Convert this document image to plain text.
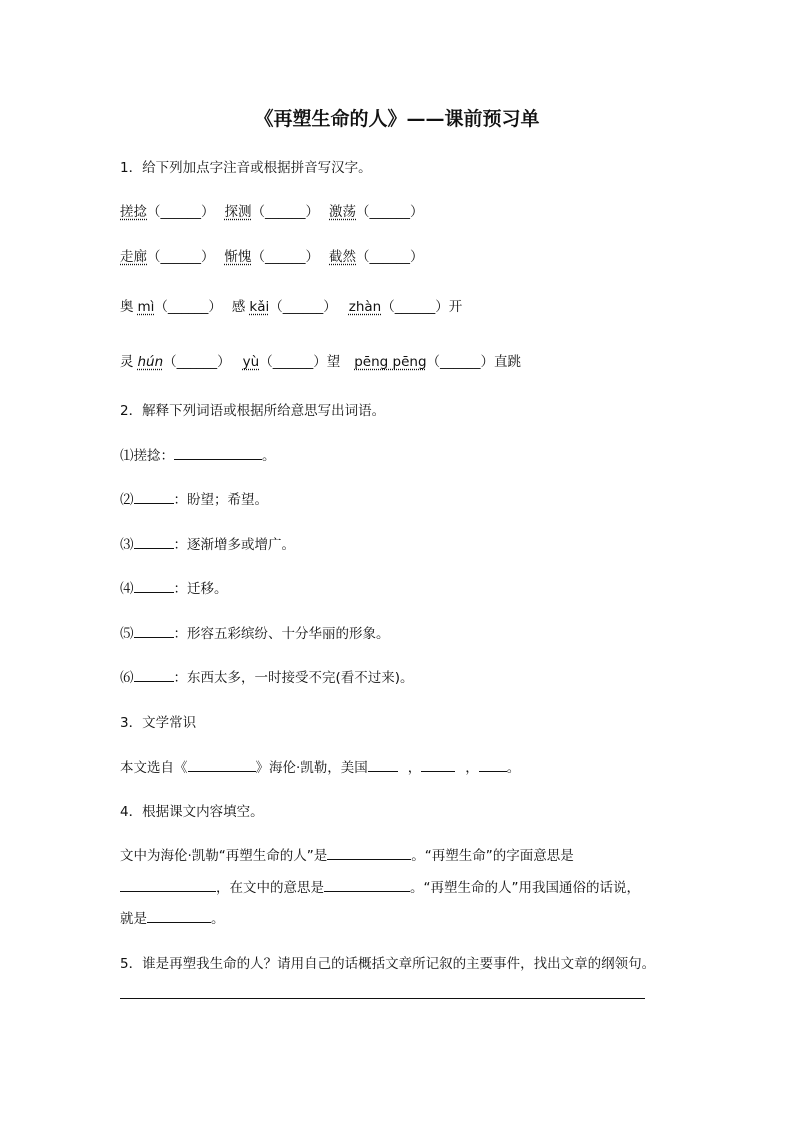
《再塑生命的人》——课前预习单
1．给下列加点字注音或根据拼音写汉字。
搓捻（______） 探测（______） 激荡（______）
走廊（______） 惭愧（______） 截然（______）
奥 mì（______） 感 kǎi（______） zhàn（______）开
灵 hún（______） yù（______）望 pēng pēng（______）直跳
2．解释下列词语或根据所给意思写出词语。
⑴搓捻：	。
⑵	：盼望；希望。
⑶	：逐渐增多或增广。
⑷	：迁移。
⑸	：形容五彩缤纷、十分华丽的形象。
⑹	：东西太多，一时接受不完(看不过来)。
3．文学常识
本文选自《	》海伦·凯勒，美国	，	， 。
4．根据课文内容填空。
文中为海伦·凯勒“再塑生命的人”是	。“再塑生命”的字面意思是
，在文中的意思是	。“再塑生命的人”用我国通俗的话说，
就是	。
5．谁是再塑我生命的人？请用自己的话概括文章所记叙的主要事件，找出文章的纲领句。
